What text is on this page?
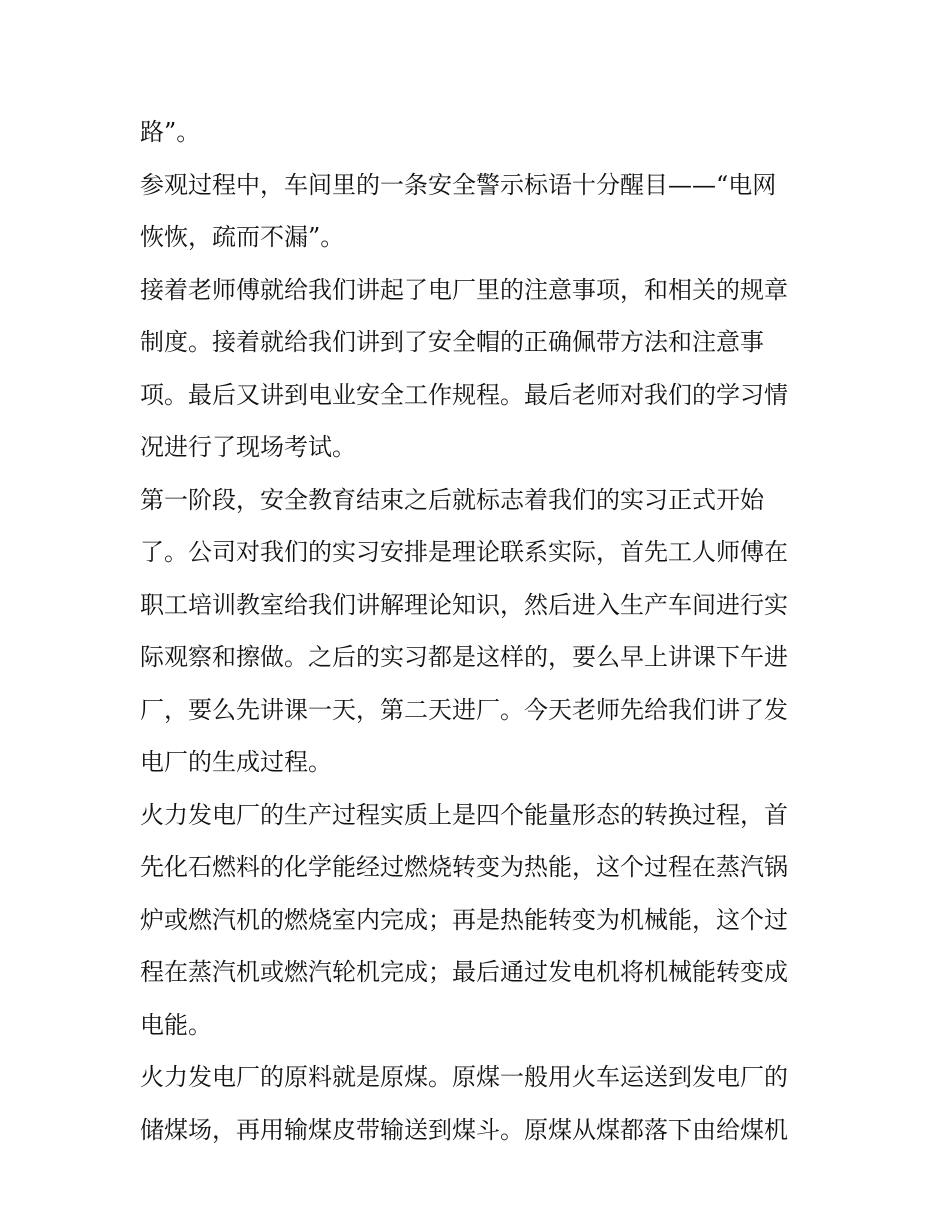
路”。
参观过程中，车间里的一条安全警示标语十分醒目——“电网
恢恢，疏而不漏”。
接着老师傅就给我们讲起了电厂里的注意事项，和相关的规章
制度。接着就给我们讲到了安全帽的正确佩带方法和注意事
项。最后又讲到电业安全工作规程。最后老师对我们的学习情
况进行了现场考试。
第一阶段，安全教育结束之后就标志着我们的实习正式开始
了。公司对我们的实习安排是理论联系实际，首先工人师傅在
职工培训教室给我们讲解理论知识，然后进入生产车间进行实
际观察和擦做。之后的实习都是这样的，要么早上讲课下午进
厂，要么先讲课一天，第二天进厂。今天老师先给我们讲了发
电厂的生成过程。
火力发电厂的生产过程实质上是四个能量形态的转换过程，首
先化石燃料的化学能经过燃烧转变为热能，这个过程在蒸汽锅
炉或燃汽机的燃烧室内完成；再是热能转变为机械能，这个过
程在蒸汽机或燃汽轮机完成；最后通过发电机将机械能转变成
电能。
火力发电厂的原料就是原煤。原煤一般用火车运送到发电厂的
储煤场，再用输煤皮带输送到煤斗。原煤从煤都落下由给煤机
